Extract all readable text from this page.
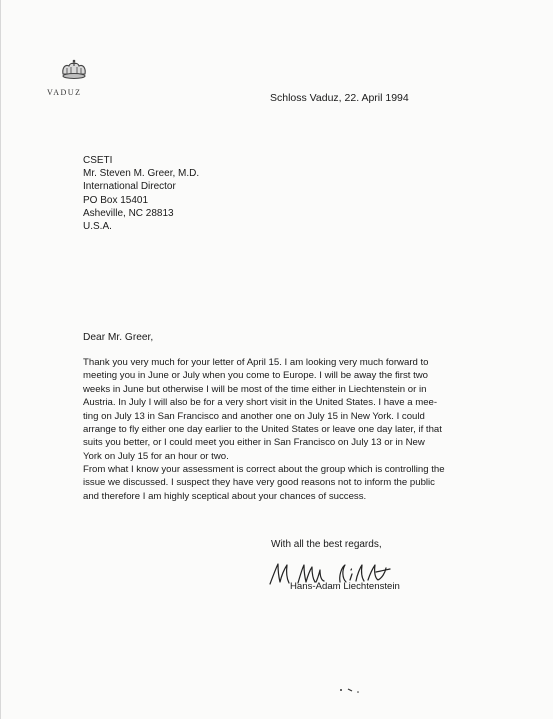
VADUZ	Schloss Vaduz, 22. April 1994
CSETI
Mr. Steven M. Greer, M.D.
International Director
PO Box 15401
Asheville, NC 28813
U.S.A.
Dear Mr. Greer,
Thank you very much for your letter of April 15. I am looking very much forward to
meeting you in June or July when you come to Europe. I will be away the first two
weeks in June but otherwise I will be most of the time either in Liechtenstein or in
Austria. In July I will also be for a very short visit in the United States. I have a mee-
ting on July 13 in San Francisco and another one on July 15 in New York. I could
arrange to fly either one day earlier to the United States or leave one day later, if that
suits you better, or I could meet you either in San Francisco on July 13 or in New
York on July 15 for an hour or two.
From what I know your assessment is correct about the group which is controlling the
issue we discussed. I suspect they have very good reasons not to inform the public
and therefore I am highly sceptical about your chances of success.
With all the best regards,
Hans-Adam Liechtenstein
